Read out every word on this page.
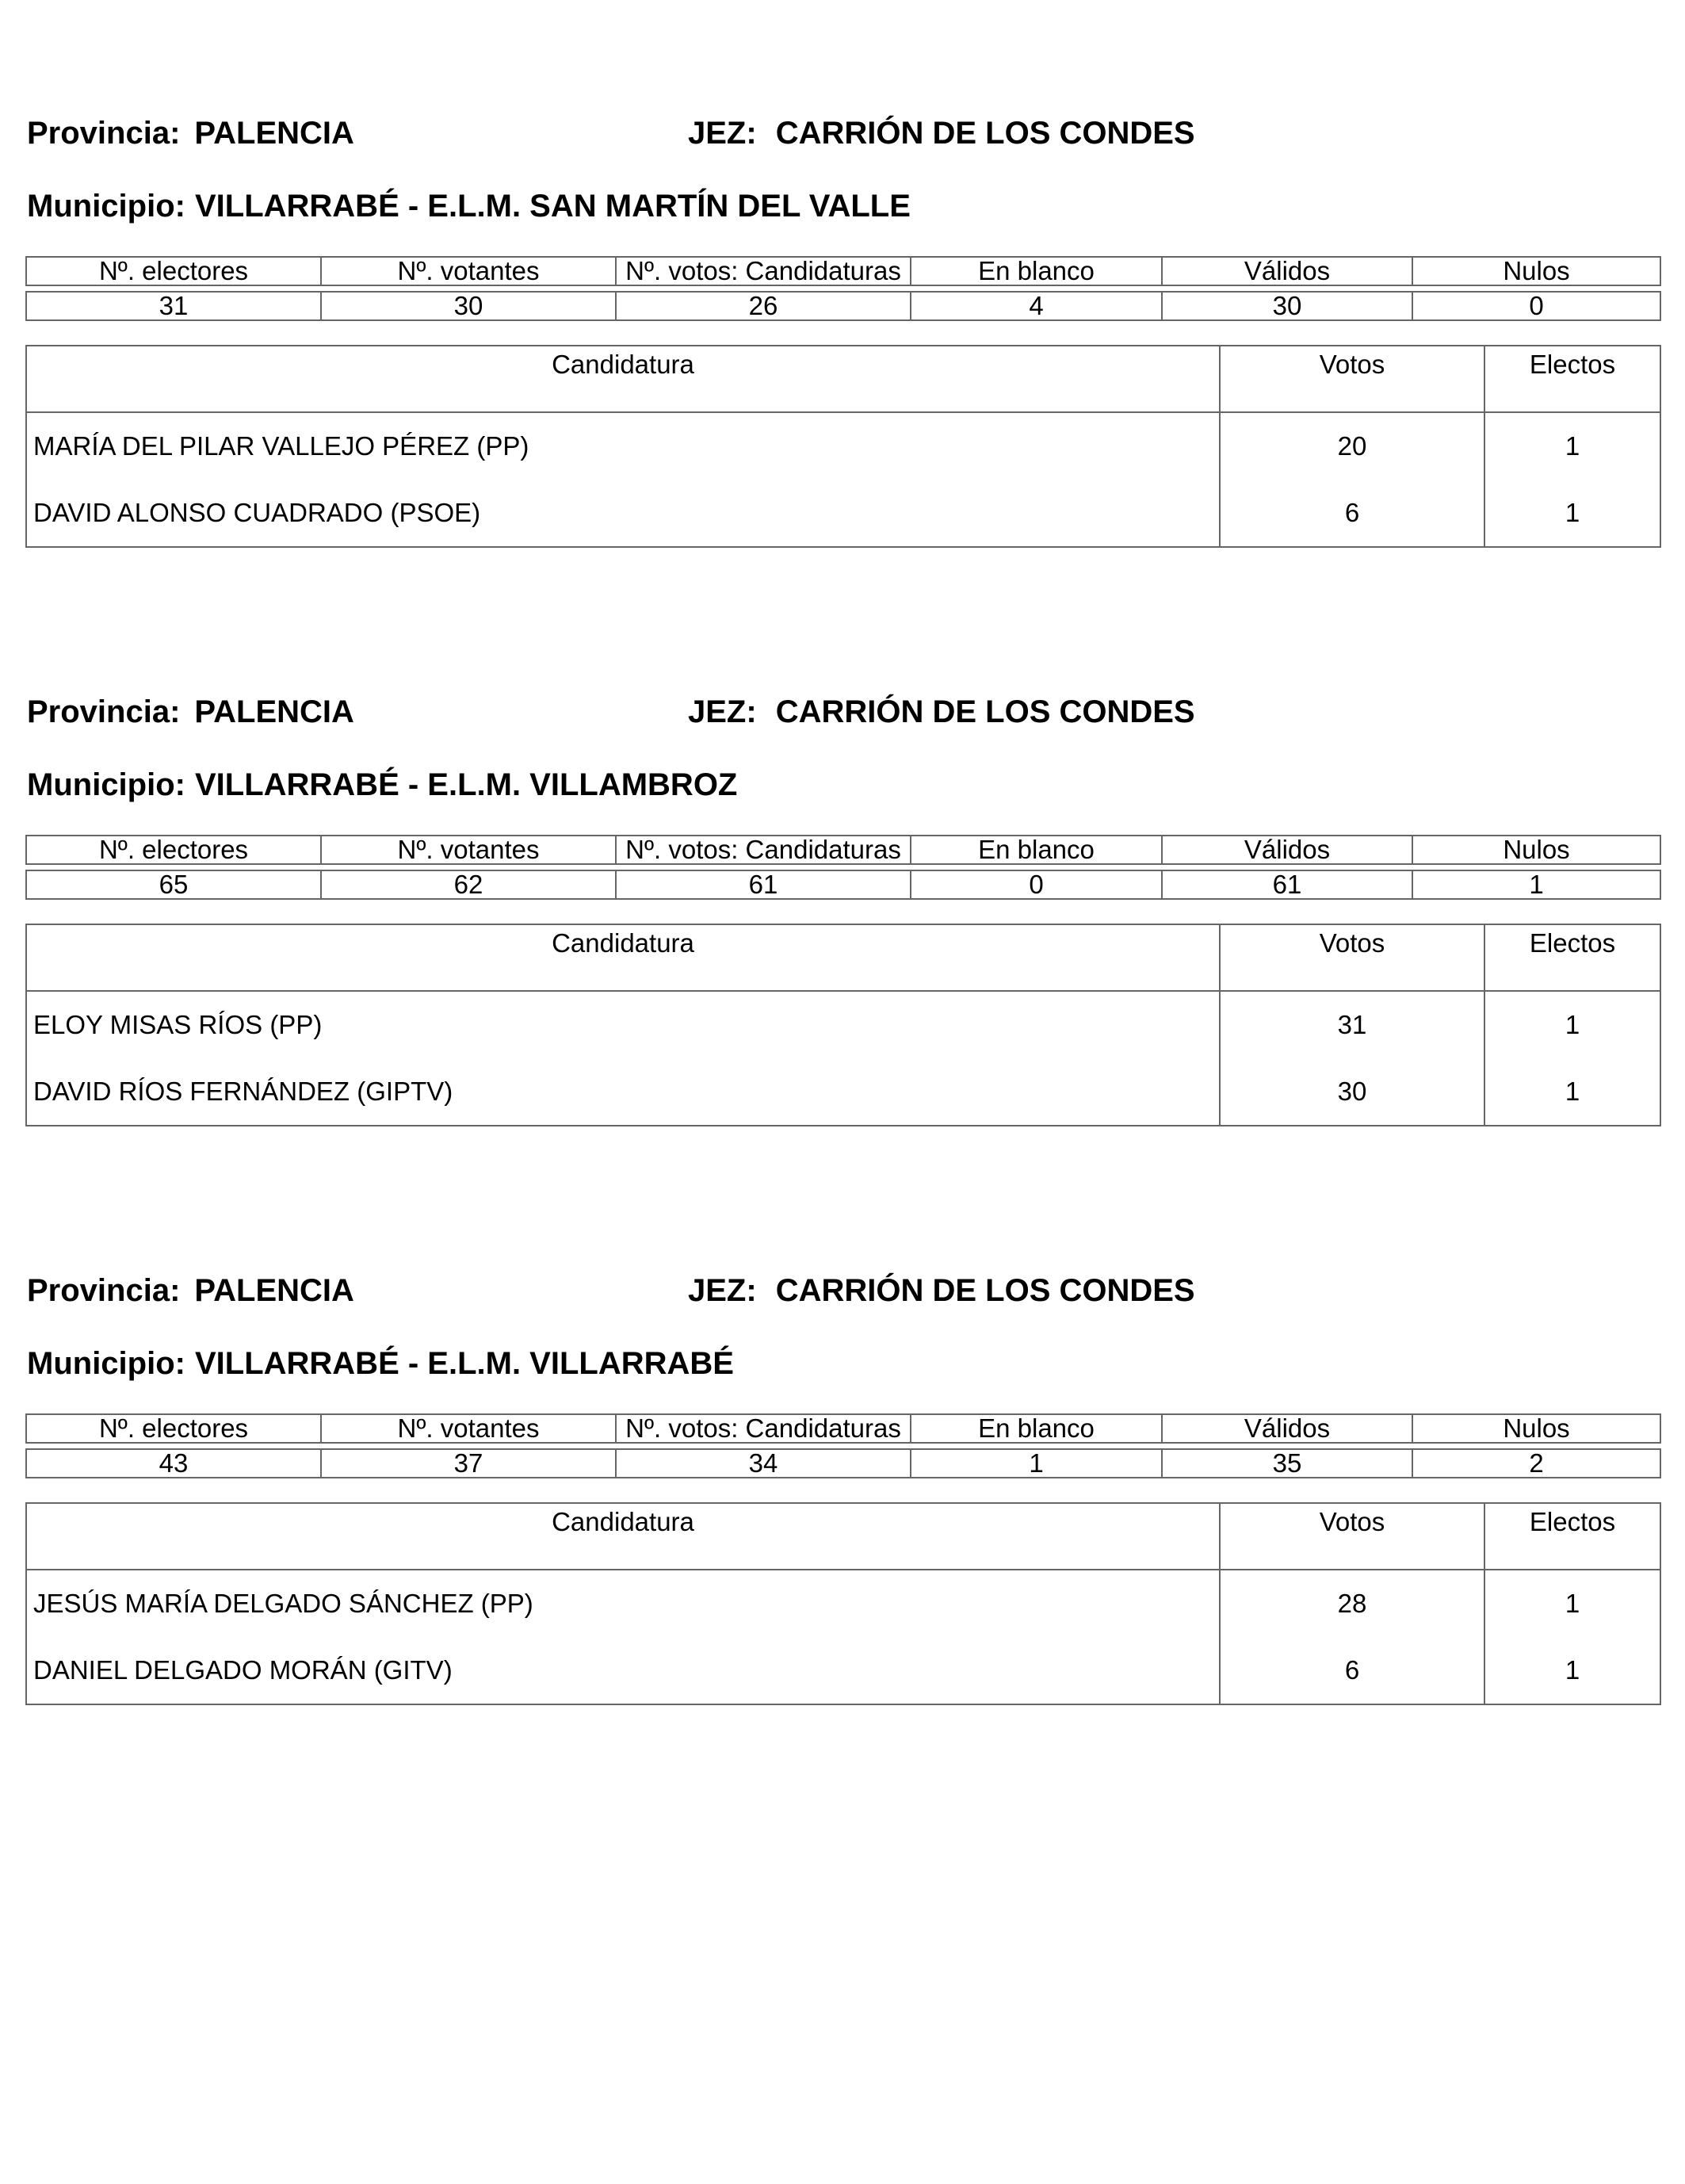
Provincia: PALENCIA	JEZ: CARRIÓN DE LOS CONDES
Municipio: VILLARRABÉ - E.L.M. SAN MARTÍN DEL VALLE
Nº. electores	Nº. votantes	Nº. votos: Candidaturas	En blanco	Válidos	Nulos

31	30	26	4	30	0
Candidatura	Votos	Electos
MARÍA DEL PILAR VALLEJO PÉREZ (PP)	20	1
DAVID ALONSO CUADRADO (PSOE)	6	1
Provincia: PALENCIA	JEZ: CARRIÓN DE LOS CONDES
Municipio: VILLARRABÉ - E.L.M. VILLAMBROZ
Nº. electores	Nº. votantes	Nº. votos: Candidaturas	En blanco	Válidos	Nulos

65	62	61	0	61	1
Candidatura	Votos	Electos
ELOY MISAS RÍOS (PP)	31	1
DAVID RÍOS FERNÁNDEZ (GIPTV)	30	1
Provincia: PALENCIA	JEZ: CARRIÓN DE LOS CONDES
Municipio: VILLARRABÉ - E.L.M. VILLARRABÉ
Nº. electores	Nº. votantes	Nº. votos: Candidaturas	En blanco	Válidos	Nulos

43	37	34	1	35	2
Candidatura	Votos	Electos
JESÚS MARÍA DELGADO SÁNCHEZ (PP)	28	1
DANIEL DELGADO MORÁN (GITV)	6	1
